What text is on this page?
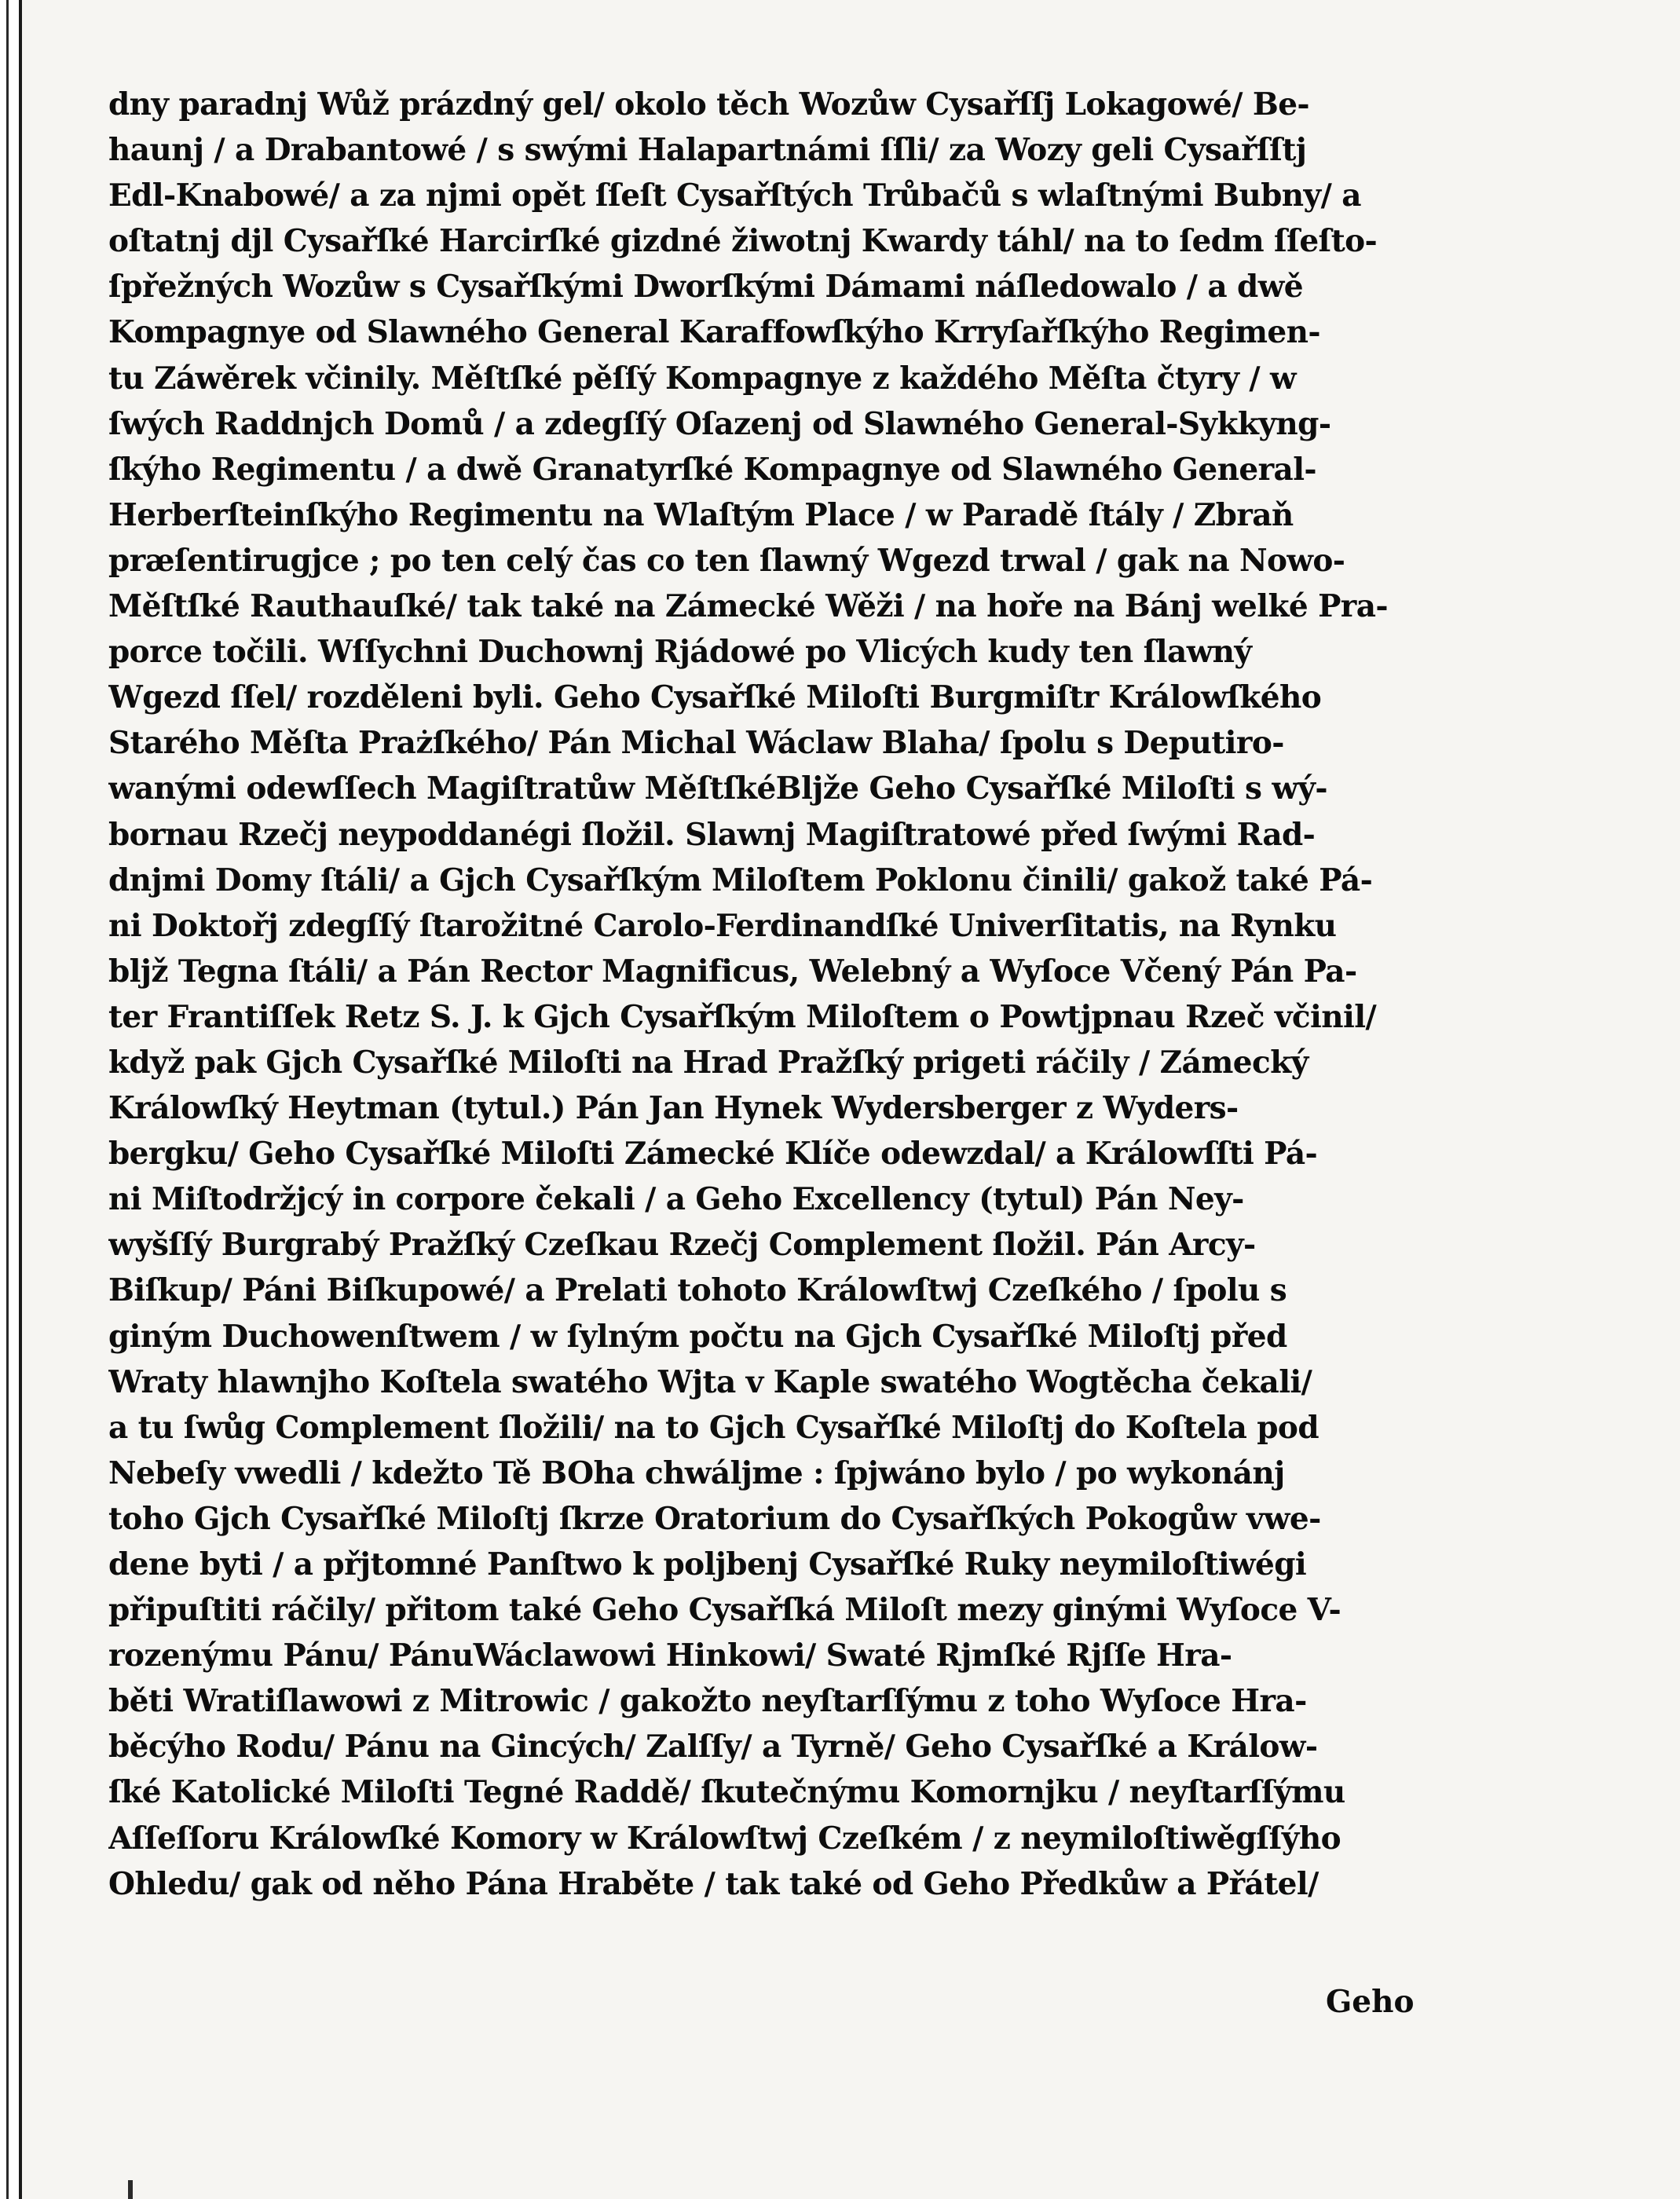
dny paradnj Wůž prázdný gel/ okolo těch Wozůw Cysařſſj Lokagowé/ Be-
haunj / a Drabantowé / s swými Halapartnámi ſſli/ za Wozy geli Cysařſſtj
Edl-Knabowé/ a za njmi opět ſſeſt Cysařſtých Trůbačů s wlaſtnými Bubny/ a
oſtatnj djl Cysařſké Harcirſké gizdné žiwotnj Kwardy táhl/ na to ſedm ſſeſto-
ſpřežných Wozůw s Cysařſkými Dworſkými Dámami náſledowalo / a dwě
Kompagnye od Slawného General Karaffowſkýho Krryſařſkýho Regimen-
tu Záwěrek včinily. Měſtſké pěſſý Kompagnye z každého Měſta čtyry / w
ſwých Raddnjch Domů / a zdegſſý Oſazenj od Slawného General-Sykkyng-
ſkýho Regimentu / a dwě Granatyrſké Kompagnye od Slawného General-
Herberſteinſkýho Regimentu na Wlaſtým Place / w Paradě ſtály / Zbraň
præſentirugjce ; po ten celý čas co ten ſlawný Wgezd trwal / gak na Nowo-
Měſtſké Rauthauſké/ tak také na Zámecké Wěži / na hoře na Bánj welké Pra-
porce točili. Wſſychni Duchownj Rjádowé po Vlicých kudy ten ſlawný
Wgezd ſſel/ rozděleni byli. Geho Cysařſké Miloſti Burgmiſtr Králowſkého
Starého Měſta Prażſkého/ Pán Michal Wáclaw Blaha/ ſpolu s Deputiro-
wanými odewſſech Magiſtratůw MěſtſkéBljže Geho Cysařſké Miloſti s wý-
bornau Rzečj neypoddanégi ſložil. Slawnj Magiſtratowé před ſwými Rad-
dnjmi Domy ſtáli/ a Gjch Cysařſkým Miloſtem Poklonu činili/ gakož také Pá-
ni Doktořj zdegſſý ſtarožitné Carolo-Ferdinandſké Univerſitatis, na Rynku
bljž Tegna ſtáli/ a Pán Rector Magnificus, Welebný a Wyſoce Včený Pán Pa-
ter Frantiſſek Retz S. J. k Gjch Cysařſkým Miloſtem o Powtjpnau Rzeč včinil/
když pak Gjch Cysařſké Miloſti na Hrad Pražſký prigeti ráčily / Zámecký
Králowſký Heytman (tytul.) Pán Jan Hynek Wydersberger z Wyders-
bergku/ Geho Cysařſké Miloſti Zámecké Klíče odewzdal/ a Králowſſti Pá-
ni Miſtodržjcý in corpore čekali / a Geho Excellency (tytul) Pán Ney-
wyšſſý Burgrabý Pražſký Czeſkau Rzečj Complement ſložil. Pán Arcy-
Biſkup/ Páni Biſkupowé/ a Prelati tohoto Králowſtwj Czeſkého / ſpolu s
giným Duchowenſtwem / w ſylným počtu na Gjch Cysařſké Miloſtj před
Wraty hlawnjho Koſtela swatého Wjta v Kaple swatého Wogtěcha čekali/
a tu ſwůg Complement ſložili/ na to Gjch Cysařſké Miloſtj do Koſtela pod
Nebeſy vwedli / kdežto Tě BOha chwáljme : ſpjwáno bylo / po wykonánj
toho Gjch Cysařſké Miloſtj ſkrze Oratorium do Cysařſkých Pokogůw vwe-
dene byti / a přjtomné Panſtwo k poljbenj Cysařſké Ruky neymiloſtiwégi
připuſtiti ráčily/ přitom také Geho Cysařſká Miloſt mezy ginými Wyſoce V-
rozenýmu Pánu/ PánuWáclawowi Hinkowi/ Swaté Rjmſké Rjſſe Hra-
běti Wratiſlawowi z Mitrowic / gakožto neyſtarſſýmu z toho Wyſoce Hra-
běcýho Rodu/ Pánu na Gincých/ Zalſſy/ a Tyrně/ Geho Cysařſké a Králow-
ſké Katolické Miloſti Tegné Raddě/ ſkutečnýmu Komornjku / neyſtarſſýmu
Aſſeſſoru Králowſké Komory w Králowſtwj Czeſkém / z neymiloſtiwěgſſýho
Ohledu/ gak od něho Pána Hraběte / tak také od Geho Předkůw a Přátel/
Geho
